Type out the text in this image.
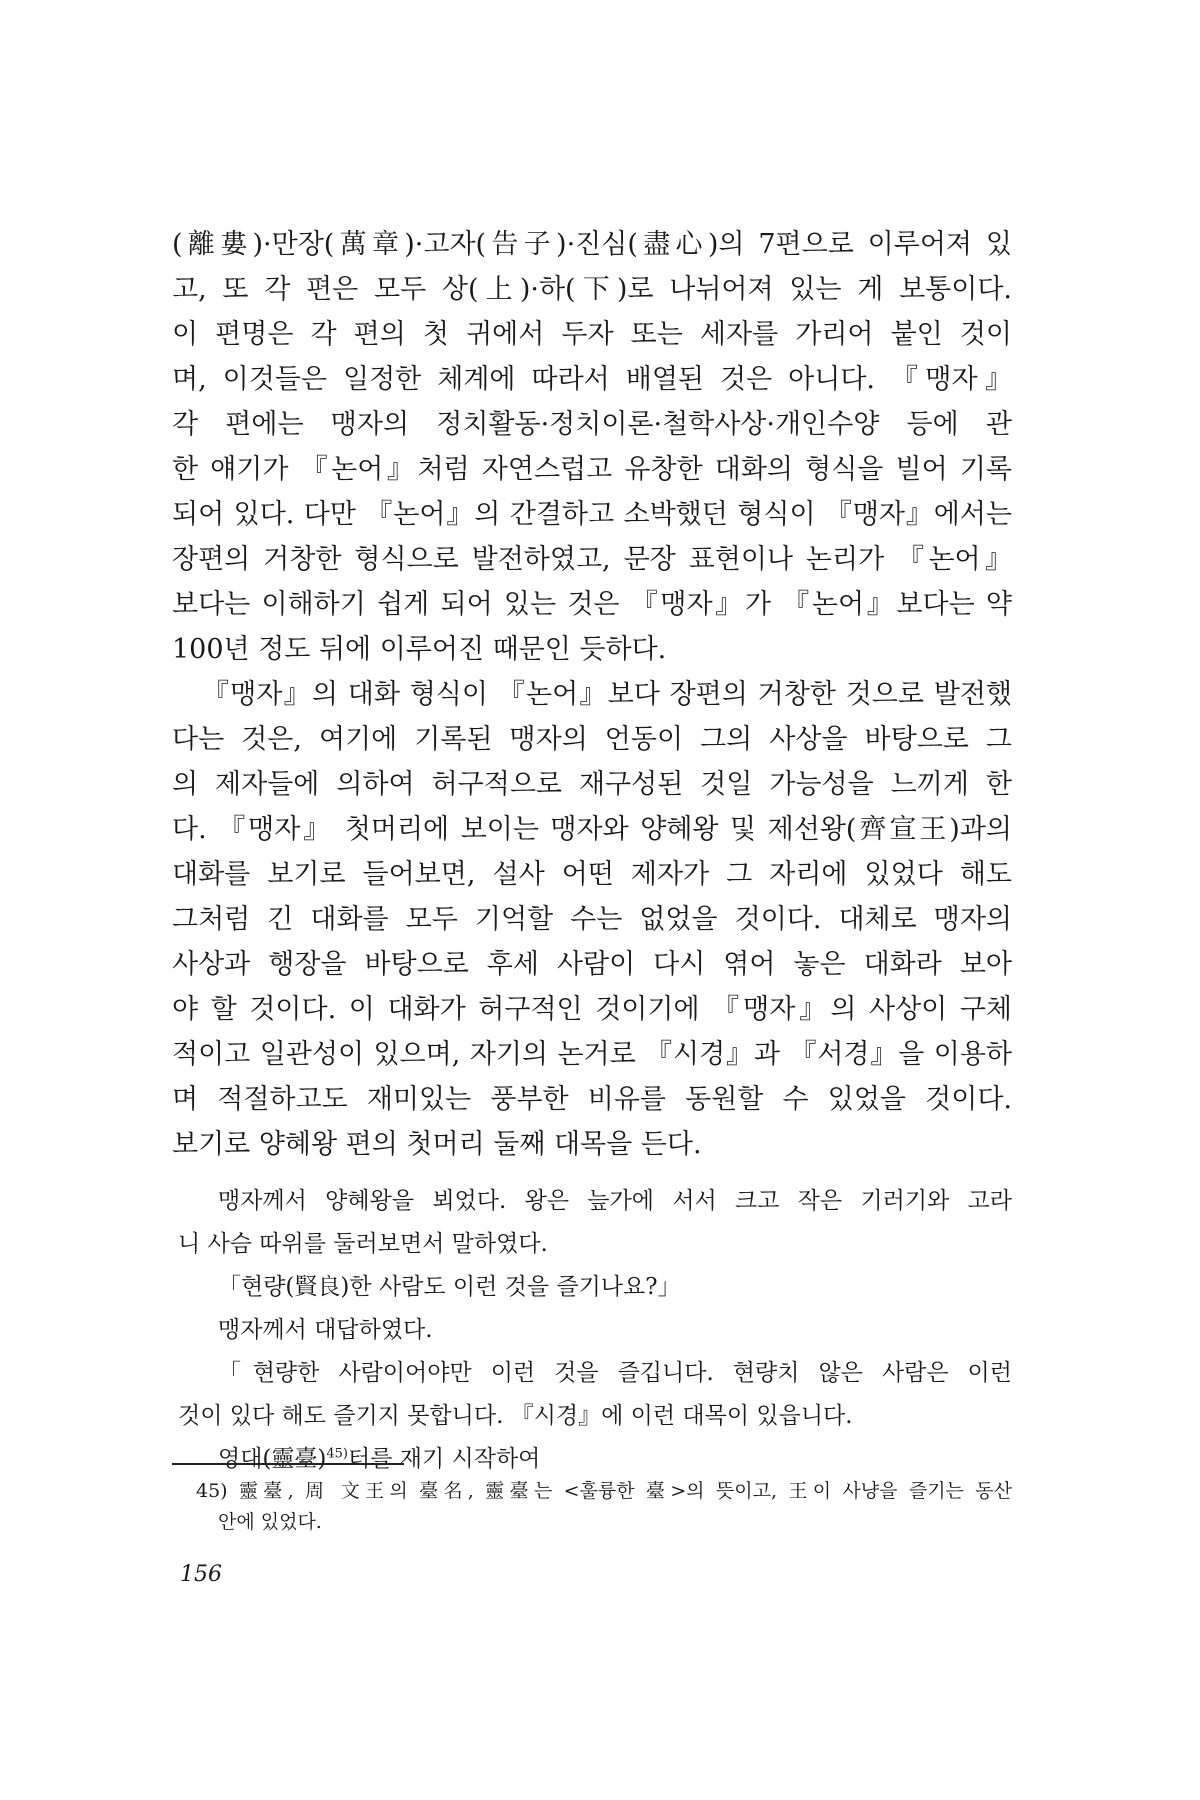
(離婁)·만장(萬章)·고자(告子)·진심(盡心)의 7편으로 이루어져 있
고, 또 각 편은 모두 상(上)·하(下)로 나뉘어져 있는 게 보통이다.
이 편명은 각 편의 첫 귀에서 두자 또는 세자를 가리어 붙인 것이
며, 이것들은 일정한 체계에 따라서 배열된 것은 아니다. 『맹자』
각 편에는 맹자의 정치활동·정치이론·철학사상·개인수양 등에 관
한 얘기가 『논어』처럼 자연스럽고 유창한 대화의 형식을 빌어 기록
되어 있다. 다만 『논어』의 간결하고 소박했던 형식이 『맹자』에서는
장편의 거창한 형식으로 발전하였고, 문장 표현이나 논리가 『논어』
보다는 이해하기 쉽게 되어 있는 것은 『맹자』가 『논어』보다는 약
100년 정도 뒤에 이루어진 때문인 듯하다.
『맹자』의 대화 형식이 『논어』보다 장편의 거창한 것으로 발전했
다는 것은, 여기에 기록된 맹자의 언동이 그의 사상을 바탕으로 그
의 제자들에 의하여 허구적으로 재구성된 것일 가능성을 느끼게 한
다. 『맹자』 첫머리에 보이는 맹자와 양혜왕 및 제선왕(齊宣王)과의
대화를 보기로 들어보면, 설사 어떤 제자가 그 자리에 있었다 해도
그처럼 긴 대화를 모두 기억할 수는 없었을 것이다. 대체로 맹자의
사상과 행장을 바탕으로 후세 사람이 다시 엮어 놓은 대화라 보아
야 할 것이다. 이 대화가 허구적인 것이기에 『맹자』의 사상이 구체
적이고 일관성이 있으며, 자기의 논거로 『시경』과 『서경』을 이용하
며 적절하고도 재미있는 풍부한 비유를 동원할 수 있었을 것이다.
보기로 양혜왕 편의 첫머리 둘째 대목을 든다.
맹자께서 양혜왕을 뵈었다. 왕은 늪가에 서서 크고 작은 기러기와 고라
니 사슴 따위를 둘러보면서 말하였다.
「현량(賢良)한 사람도 이런 것을 즐기나요?」
맹자께서 대답하였다.
「현량한 사람이어야만 이런 것을 즐깁니다. 현량치 않은 사람은 이런
것이 있다 해도 즐기지 못합니다. 『시경』에 이런 대목이 있읍니다.
영대(靈臺)$^{45)}$터를 재기 시작하여
45) 靈臺, 周 文王의 臺名, 靈臺는 <훌륭한 臺>의 뜻이고, 王이 사냥을 즐기는 동산
안에 있었다.
156
